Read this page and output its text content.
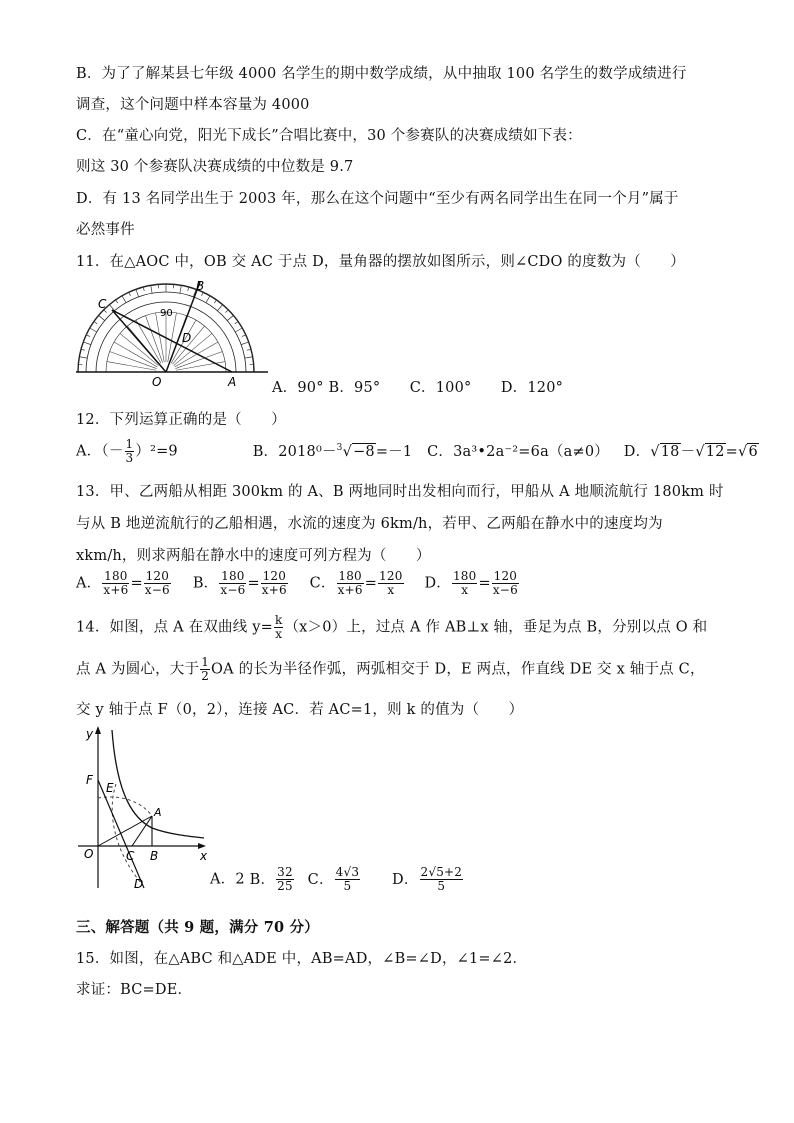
B．为了了解某县七年级 4000 名学生的期中数学成绩，从中抽取 100 名学生的数学成绩进行
调查，这个问题中样本容量为 4000
C．在“童心向党，阳光下成长”合唱比赛中，30 个参赛队的决赛成绩如下表：
则这 30 个参赛队决赛成绩的中位数是 9.7
D．有 13 名同学出生于 2003 年，那么在这个问题中“至少有两名同学出生在同一个月”属于
必然事件
11．在△AOC 中，OB 交 AC 于点 D，量角器的摆放如图所示，则∠CDO 的度数为（　　）
90
C
B
D
O	A A．90° B．95°　　C．100°　　D．120°
12．下列运算正确的是（　　）
A．（－ $\frac{1}{3} )^2=9$	B．2018⁰－$^3$√−8=－1 C．3a³•2a⁻²=6a（a≠0） D．√18－√12=√6
13．甲、乙两船从相距 300km 的 A、B 两地同时出发相向而行，甲船从 A 地顺流航行 180km 时
与从 B 地逆流航行的乙船相遇，水流的速度为 6km/h，若甲、乙两船在静水中的速度均为
xkm/h，则求两船在静水中的速度可列方程为（　　）
A． $\frac{180}{x+6} = \frac{120}{x-6}$ B． $\frac{180}{x-6} = \frac{120}{x+6}$ C． $\frac{180}{x+6} = \frac{120}{x}$ D． $\frac{180}{x} = \frac{120}{x-6}$
14．如图，点 A 在双曲线 $y= \frac{k}{x} (x>0)$上，过点 A 作 AB⊥x 轴，垂足为点 B，分别以点 O 和
点 A 为圆心，大于 $\frac{1}{2}$ OA 的长为半径作弧，两弧相交于 D，E 两点，作直线 DE 交 x 轴于点 C，
交 y 轴于点 F（0，2），连接 AC．若 AC=1，则 k 的值为（　　）
y
x
F
E
A
O	C B
D	A．2 B． $\frac{32}{25}$ C． $\frac{4√3}{5}$ D． $\frac{2√5+2}{5}$
三、解答题（共 9 题，满分 70 分）
15．如图，在△ABC 和△ADE 中，AB=AD，∠B=∠D，∠1=∠2．
求证：BC=DE．
